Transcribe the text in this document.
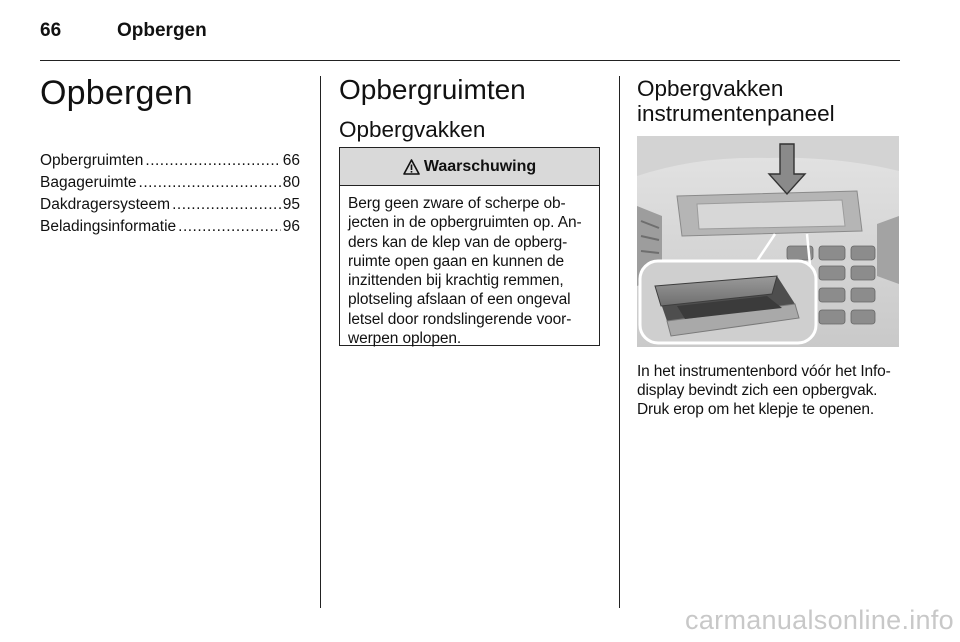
66	Opbergen
Opbergen
Opbergruimten .....	66
Bagageruimte .....	80
Dakdragersysteem .....	95
Beladingsinformatie .....	96
Opbergruimten
Opbergvakken
Waarschuwing
Berg geen zware of scherpe ob-
jecten in de opbergruimten op. An-
ders kan de klep van de opberg-
ruimte open gaan en kunnen de
inzittenden bij krachtig remmen,
plotseling afslaan of een ongeval
letsel door rondslingerende voor-
werpen oplopen.
Opbergvakken
instrumentenpaneel

In het instrumentenbord vóór het Info-
display bevindt zich een opbergvak.
Druk erop om het klepje te openen.

carmanualsonline.info
